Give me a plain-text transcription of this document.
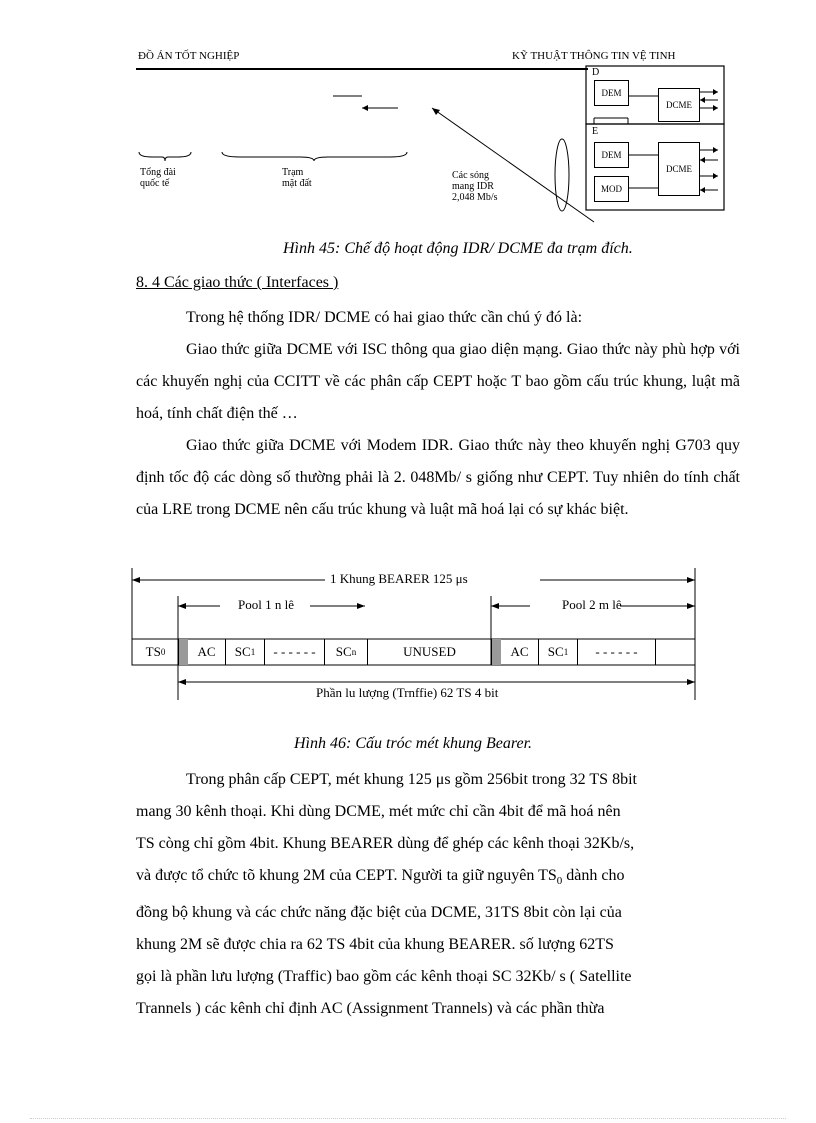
ĐỒ ÁN TỐT NGHIỆP	KỸ THUẬT THÔNG TIN VỆ TINH
D
E
DEM
DCME
DEM
DCME
MOD
Tổng đài
quốc tế
Trạm
mặt đất
Các sóng
mang IDR
2,048 Mb/s
Hình 45: Chế độ hoạt động IDR/ DCME đa trạm đích.
8. 4 Các giao thức ( Interfaces )

Trong hệ thống IDR/ DCME có hai giao thức cần chú ý đó là:

Giao thức giữa DCME với ISC thông qua giao diện mạng. Giao thức này phù hợp với các khuyến nghị của CCITT về các phân cấp CEPT hoặc T bao gồm cấu trúc khung, luật mã hoá, tính chất điện thế …

Giao thức giữa DCME với Modem IDR. Giao thức này theo khuyến nghị G703 quy định tốc độ các dòng số thường phải là 2. 048Mb/ s giống như CEPT. Tuy nhiên do tính chất của LRE trong DCME nên cấu trúc khung và luật mã hoá lại có sự khác biệt.

1 Khung BEARER 125 μs
Pool 1 n lê	Pool 2 m lê
TS 0	AC	SC 1	- - - - - -	SC n	UNUSED	AC	SC 1	- - - - - -
Phần lu lượng (Trnffie) 62 TS 4 bit
Hình 46: Cấu tróc mét khung Bearer.
Trong phân cấp CEPT, mét khung 125 μs gồm 256bit trong 32 TS 8bit
mang 30 kênh thoại. Khi dùng DCME, mét mức chỉ cần 4bit để mã hoá nên
TS còng chỉ gồm 4bit. Khung BEARER dùng để ghép các kênh thoại 32Kb/s,
và được tổ chức tõ khung 2M của CEPT. Người ta giữ nguyên $TS_0$ dành cho
đồng bộ khung và các chức năng đặc biệt của DCME, 31TS 8bit còn lại của
khung 2M sẽ được chia ra 62 TS 4bit của khung BEARER. số lượng 62TS
gọi là phần lưu lượng (Traffic) bao gồm các kênh thoại SC 32Kb/ s ( Satellite
Trannels ) các kênh chỉ định AC (Assignment Trannels) và các phần thừa
